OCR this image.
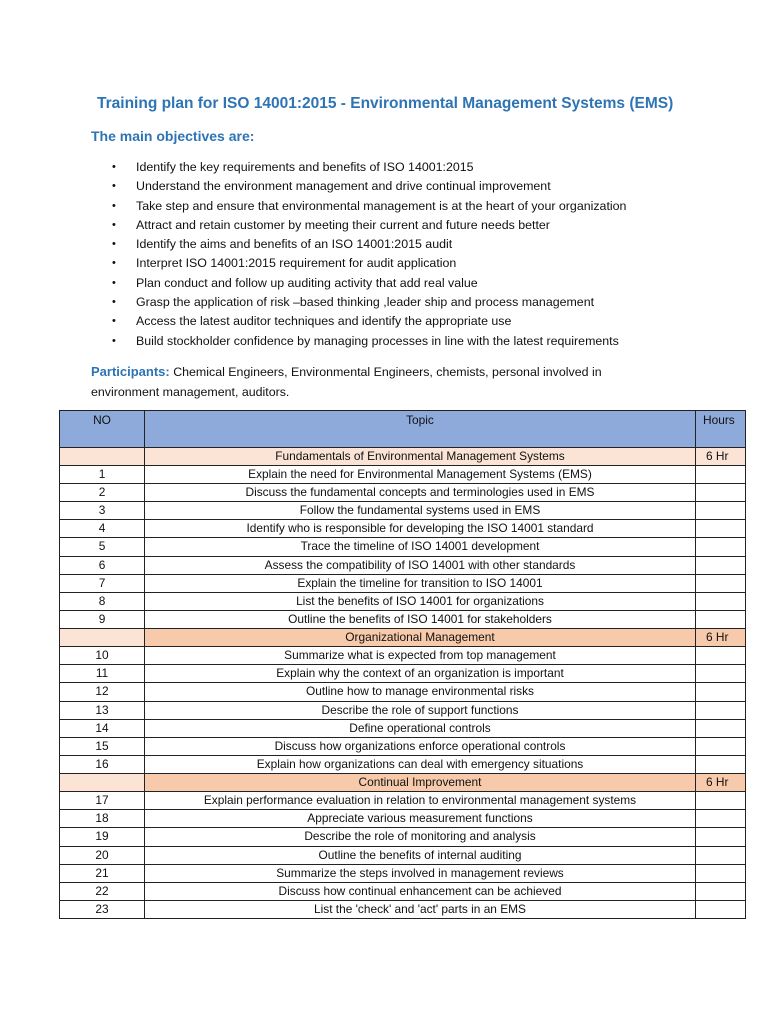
Training plan for ISO 14001:2015 - Environmental Management Systems (EMS)
The main objectives are:
• Identify the key requirements and benefits of ISO 14001:2015
• Understand the environment management and drive continual improvement
• Take step and ensure that environmental management is at the heart of your organization
• Attract and retain customer by meeting their current and future needs better
• Identify the aims and benefits of an ISO 14001:2015 audit
• Interpret ISO 14001:2015 requirement for audit application
• Plan conduct and follow up auditing activity that add real value
• Grasp the application of risk –based thinking ,leader ship and process management
• Access the latest auditor techniques and identify the appropriate use
• Build stockholder confidence by managing processes in line with the latest requirements
Participants: Chemical Engineers, Environmental Engineers, chemists, personal involved in environment management, auditors.
NO	Topic	Hours
	Fundamentals of Environmental Management Systems	6 Hr
1	Explain the need for Environmental Management Systems (EMS)	
2	Discuss the fundamental concepts and terminologies used in EMS	
3	Follow the fundamental systems used in EMS	
4	Identify who is responsible for developing the ISO 14001 standard	
5	Trace the timeline of ISO 14001 development	
6	Assess the compatibility of ISO 14001 with other standards	
7	Explain the timeline for transition to ISO 14001	
8	List the benefits of ISO 14001 for organizations	
9	Outline the benefits of ISO 14001 for stakeholders	
	Organizational Management	6 Hr
10	Summarize what is expected from top management	
11	Explain why the context of an organization is important	
12	Outline how to manage environmental risks	
13	Describe the role of support functions	
14	Define operational controls	
15	Discuss how organizations enforce operational controls	
16	Explain how organizations can deal with emergency situations	
	Continual Improvement	6 Hr
17	Explain performance evaluation in relation to environmental management systems	
18	Appreciate various measurement functions	
19	Describe the role of monitoring and analysis	
20	Outline the benefits of internal auditing	
21	Summarize the steps involved in management reviews	
22	Discuss how continual enhancement can be achieved	
23	List the 'check' and 'act' parts in an EMS	
